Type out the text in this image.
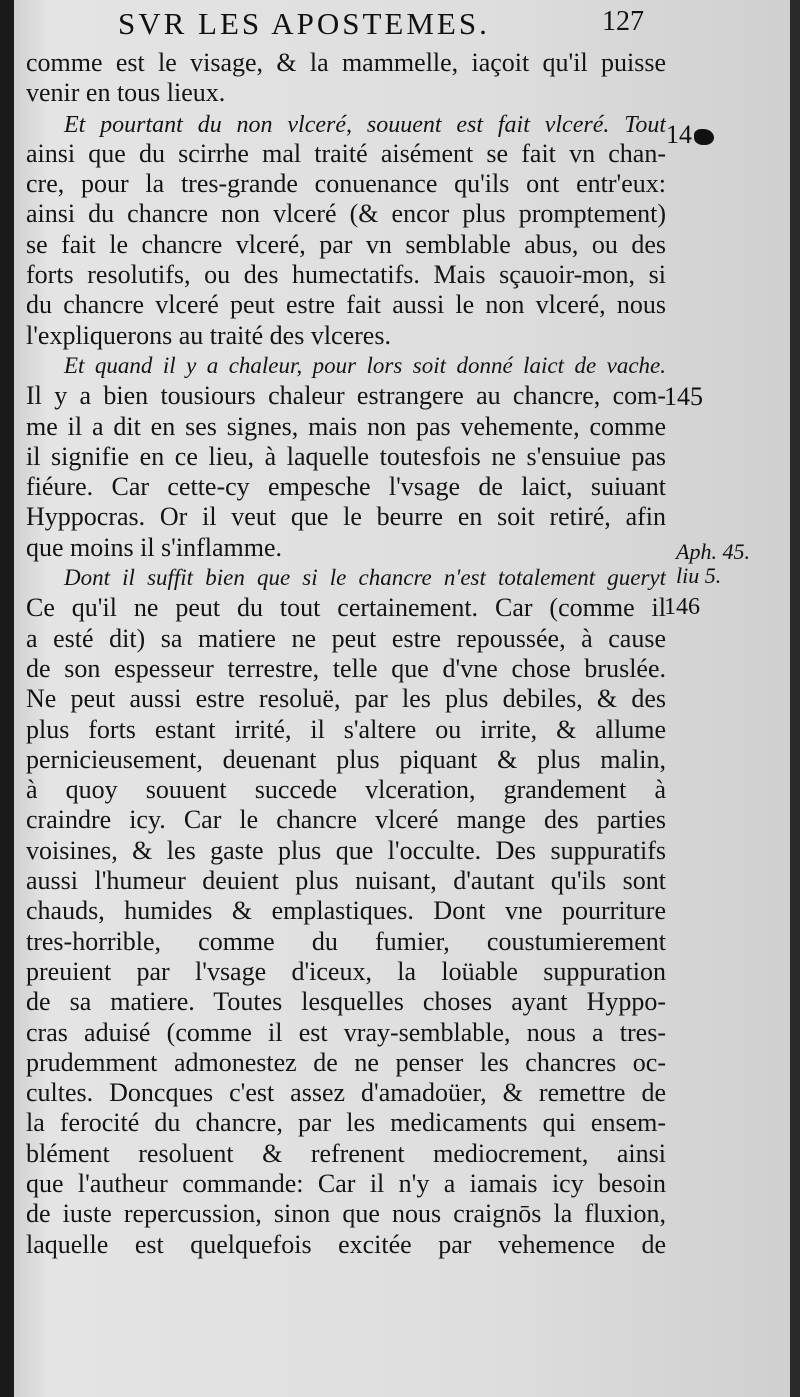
SVR LES APOSTEMES.	127
comme est le visage, & la mammelle, iaçoit qu'il puisse
venir en tous lieux.
Et pourtant du non vlceré, souuent est fait vlceré. Tout
ainsi que du scirrhe mal traité aisément se fait vn chan-
cre, pour la tres-grande conuenance qu'ils ont entr'eux:
ainsi du chancre non vlceré (& encor plus promptement)
se fait le chancre vlceré, par vn semblable abus, ou des
forts resolutifs, ou des humectatifs. Mais sçauoir-mon, si
du chancre vlceré peut estre fait aussi le non vlceré, nous
l'expliquerons au traité des vlceres.
Et quand il y a chaleur, pour lors soit donné laict de vache.
Il y a bien tousiours chaleur estrangere au chancre, com-
me il a dit en ses signes, mais non pas vehemente, comme
il signifie en ce lieu, à laquelle toutesfois ne s'ensuiue pas
fiéure. Car cette-cy empesche l'vsage de laict, suiuant
Hyppocras. Or il veut que le beurre en soit retiré, afin
que moins il s'inflamme.
Dont il suffit bien que si le chancre n'est totalement gueryt
Ce qu'il ne peut du tout certainement. Car (comme il
a esté dit) sa matiere ne peut estre repoussée, à cause
de son espesseur terrestre, telle que d'vne chose bruslée.
Ne peut aussi estre resoluë, par les plus debiles, & des
plus forts estant irrité, il s'altere ou irrite, & allume
pernicieusement, deuenant plus piquant & plus malin,
à quoy souuent succede vlceration, grandement à
craindre icy. Car le chancre vlceré mange des parties
voisines, & les gaste plus que l'occulte. Des suppuratifs
aussi l'humeur deuient plus nuisant, d'autant qu'ils sont
chauds, humides & emplastiques. Dont vne pourriture
tres-horrible, comme du fumier, coustumierement
preuient par l'vsage d'iceux, la loüable suppuration
de sa matiere. Toutes lesquelles choses ayant Hyppo-
cras aduisé (comme il est vray-semblable, nous a tres-
prudemment admonestez de ne penser les chancres oc-
cultes. Doncques c'est assez d'amadoüer, & remettre de
la ferocité du chancre, par les medicaments qui ensem-
blément resoluent & refrenent mediocrement, ainsi
que l'autheur commande: Car il n'y a iamais icy besoin
de iuste repercussion, sinon que nous craignōs la fluxion,
laquelle est quelquefois excitée par vehemence de
14
145
Aph. 45.
liu 5.
146
